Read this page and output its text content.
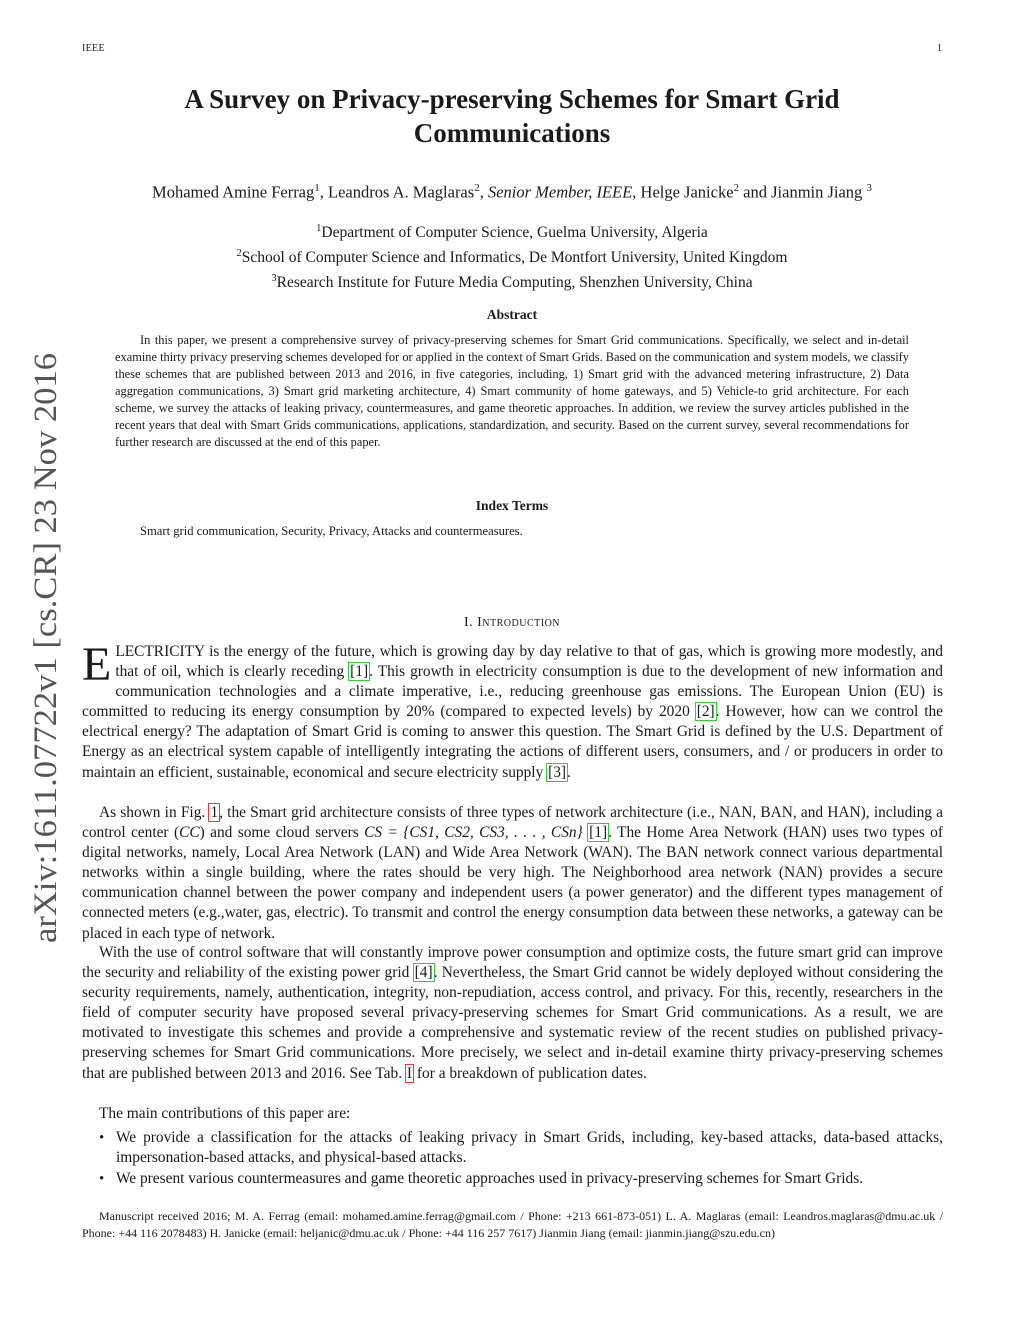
IEEE	1
arXiv:1611.07722v1 [cs.CR] 23 Nov 2016
A Survey on Privacy-preserving Schemes for Smart Grid Communications
Mohamed Amine Ferrag$^1$, Leandros A. Maglaras$^2$, Senior Member, IEEE, Helge Janicke$^2$ and Jianmin Jiang $^3$
$^1$Department of Computer Science, Guelma University, Algeria
$^2$School of Computer Science and Informatics, De Montfort University, United Kingdom
$^3$Research Institute for Future Media Computing, Shenzhen University, China
Abstract
In this paper, we present a comprehensive survey of privacy-preserving schemes for Smart Grid communications. Specifically, we select and in-detail examine thirty privacy preserving schemes developed for or applied in the context of Smart Grids. Based on the communication and system models, we classify these schemes that are published between 2013 and 2016, in five categories, including, 1) Smart grid with the advanced metering infrastructure, 2) Data aggregation communications, 3) Smart grid marketing architecture, 4) Smart community of home gateways, and 5) Vehicle-to grid architecture. For each scheme, we survey the attacks of leaking privacy, countermeasures, and game theoretic approaches. In addition, we review the survey articles published in the recent years that deal with Smart Grids communications, applications, standardization, and security. Based on the current survey, several recommendations for further research are discussed at the end of this paper.
Index Terms
Smart grid communication, Security, Privacy, Attacks and countermeasures.
I. Introduction
ELECTRICITY is the energy of the future, which is growing day by day relative to that of gas, which is growing more modestly, and that of oil, which is clearly receding [1]. This growth in electricity consumption is due to the development of new information and communication technologies and a climate imperative, i.e., reducing greenhouse gas emissions. The European Union (EU) is committed to reducing its energy consumption by 20% (compared to expected levels) by 2020 [2]. However, how can we control the electrical energy? The adaptation of Smart Grid is coming to answer this question. The Smart Grid is defined by the U.S. Department of Energy as an electrical system capable of intelligently integrating the actions of different users, consumers, and / or producers in order to maintain an efficient, sustainable, economical and secure electricity supply [3].
As shown in Fig. 1, the Smart grid architecture consists of three types of network architecture (i.e., NAN, BAN, and HAN), including a control center (CC) and some cloud servers CS = {CS1, CS2, CS3, . . . , CSn} [1]. The Home Area Network (HAN) uses two types of digital networks, namely, Local Area Network (LAN) and Wide Area Network (WAN). The BAN network connect various departmental networks within a single building, where the rates should be very high. The Neighborhood area network (NAN) provides a secure communication channel between the power company and independent users (a power generator) and the different types management of connected meters (e.g.,water, gas, electric). To transmit and control the energy consumption data between these networks, a gateway can be placed in each type of network.
With the use of control software that will constantly improve power consumption and optimize costs, the future smart grid can improve the security and reliability of the existing power grid [4]. Nevertheless, the Smart Grid cannot be widely deployed without considering the security requirements, namely, authentication, integrity, non-repudiation, access control, and privacy. For this, recently, researchers in the field of computer security have proposed several privacy-preserving schemes for Smart Grid communications. As a result, we are motivated to investigate this schemes and provide a comprehensive and systematic review of the recent studies on published privacy-preserving schemes for Smart Grid communications. More precisely, we select and in-detail examine thirty privacy-preserving schemes that are published between 2013 and 2016. See Tab. I for a breakdown of publication dates.
The main contributions of this paper are:
• We provide a classification for the attacks of leaking privacy in Smart Grids, including, key-based attacks, data-based attacks, impersonation-based attacks, and physical-based attacks.
• We present various countermeasures and game theoretic approaches used in privacy-preserving schemes for Smart Grids.
Manuscript received 2016; M. A. Ferrag (email: mohamed.amine.ferrag@gmail.com / Phone: +213 661-873-051) L. A. Maglaras (email: Leandros.maglaras@dmu.ac.uk / Phone: +44 116 2078483) H. Janicke (email: heljanic@dmu.ac.uk / Phone: +44 116 257 7617) Jianmin Jiang (email: jianmin.jiang@szu.edu.cn)
